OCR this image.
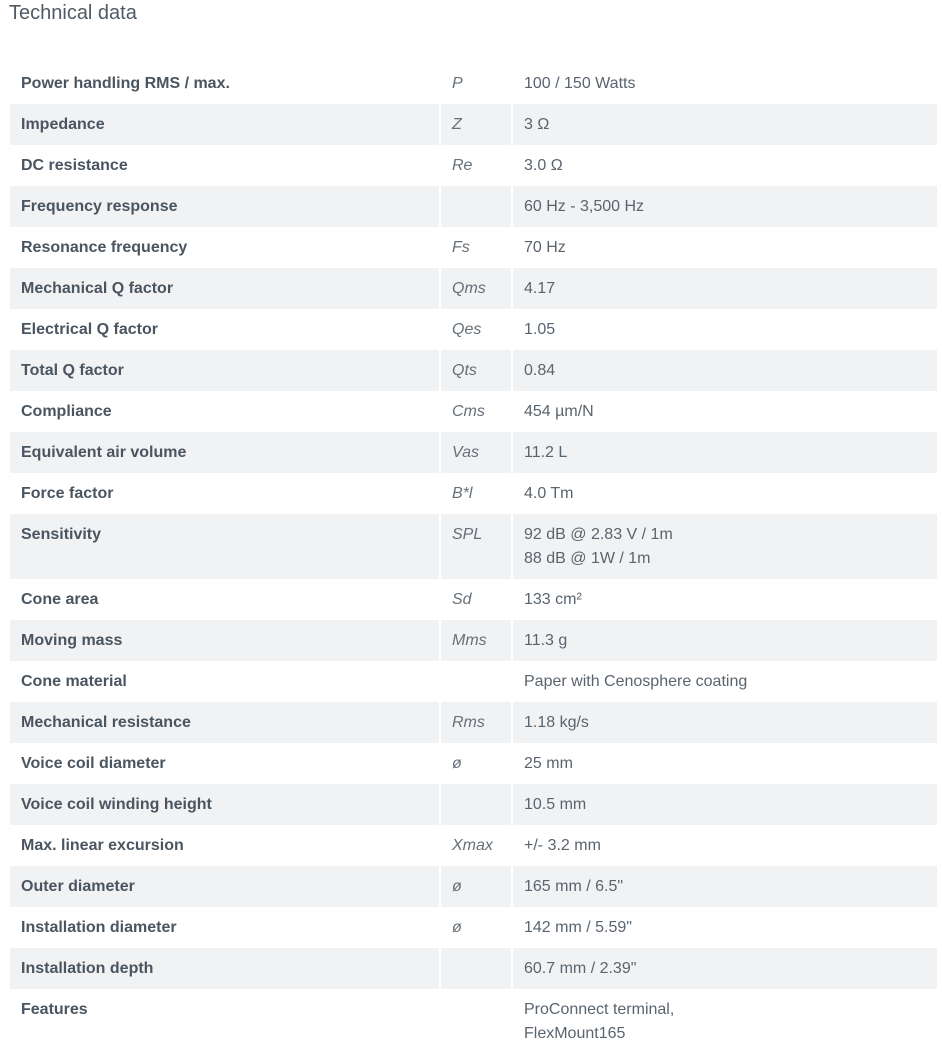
Technical data
Power handling RMS / max.	P	100 / 150 Watts

Impedance	Z	3 Ω

DC resistance	Re	3.0 Ω

Frequency response		60 Hz - 3,500 Hz

Resonance frequency	Fs	70 Hz

Mechanical Q factor	Qms	4.17

Electrical Q factor	Qes	1.05

Total Q factor	Qts	0.84

Compliance	Cms	454 µm/N

Equivalent air volume	Vas	11.2 L

Force factor	B*l	4.0 Tm

Sensitivity	SPL	92 dB @ 2.83 V / 1m
88 dB @ 1W / 1m

Cone area	Sd	133 cm²

Moving mass	Mms	11.3 g

Cone material		Paper with Cenosphere coating

Mechanical resistance	Rms	1.18 kg/s

Voice coil diameter	ø	25 mm

Voice coil winding height		10.5 mm

Max. linear excursion	Xmax	+/- 3.2 mm

Outer diameter	ø	165 mm / 6.5"

Installation diameter	ø	142 mm / 5.59"

Installation depth		60.7 mm / 2.39"

Features		ProConnect terminal,
FlexMount165
